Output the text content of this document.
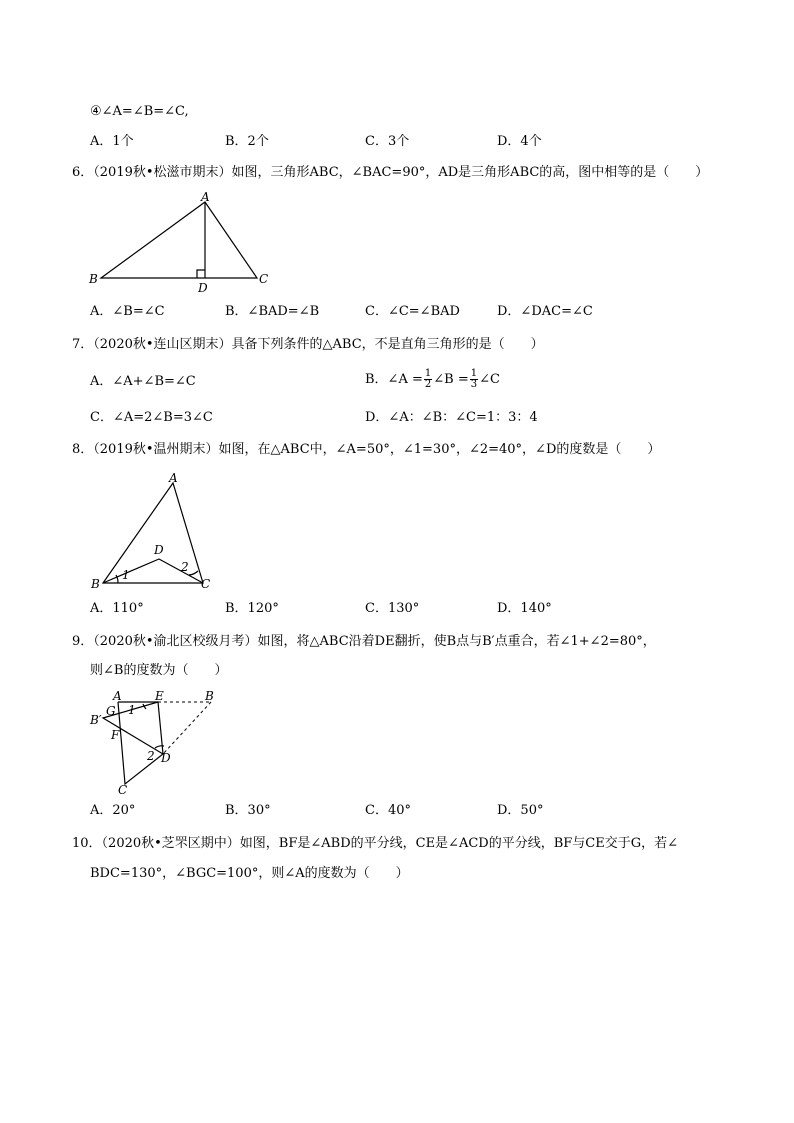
④∠A=∠B=∠C,
A．1个	B．2个	C．3个	D．4个
6．（2019秋•松滋市期末）如图，三角形ABC，∠BAC=90°，AD是三角形ABC的高，图中相等的是（　　）
A
B	C
D
A．∠B=∠C	B．∠BAD=∠B	C．∠C=∠BAD	D．∠DAC=∠C
7．（2020秋•连山区期末）具备下列条件的△ABC，不是直角三角形的是（　　）
A．∠A+∠B=∠C	B．∠A = $\frac{1}{2}$ ∠B = $\frac{1}{3}$ ∠C
C．∠A=2∠B=3∠C	D．∠A：∠B：∠C=1：3：4
8．（2019秋•温州期末）如图，在△ABC中，∠A=50°，∠1=30°，∠2=40°，∠D的度数是（　　）
A
B	C
D
1
2
A．110°	B．120°	C．130°	D．140°
9．（2020秋•渝北区校级月考）如图，将△ABC沿着DE翻折，使B点与B′点重合，若∠1+∠2=80°，
则∠B的度数为（　　）
A	E	B
B′
G 1
F
2 D
C
A．20°	B．30°	C．40°	D．50°
10．（2020秋•芝罘区期中）如图，BF是∠ABD的平分线，CE是∠ACD的平分线，BF与CE交于G，若∠
BDC=130°，∠BGC=100°，则∠A的度数为（　　）
